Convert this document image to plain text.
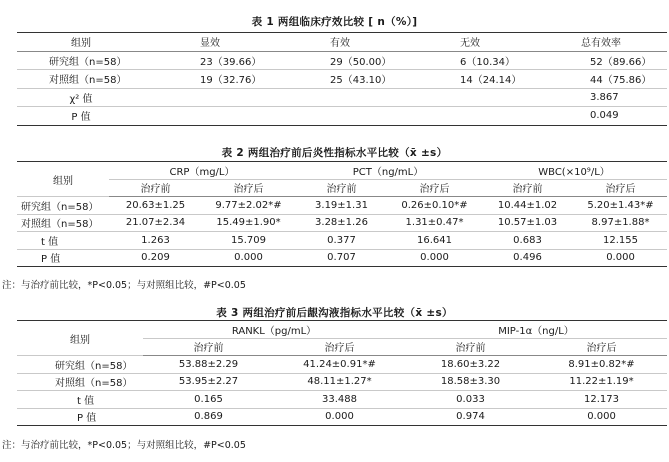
表 1 两组临床疗效比较 [ n（%）]
组别	显效	有效	无效	总有效率
研究组（n=58）	23（39.66）	29（50.00）	6（10.34）	52（89.66）
对照组（n=58）	19（32.76）	25（43.10）	14（24.14）	44（75.86）
χ² 值				3.867
P 值				0.049
表 2 两组治疗前后炎性指标水平比较（x̄ ±s）
组别	CRP（mg/L）		PCT（ng/mL）		WBC(×10⁹/L）	
	治疗前	治疗后	治疗前	治疗后	治疗前	治疗后
研究组（n=58）	20.63±1.25	9.77±2.02*#	3.19±1.31	0.26±0.10*#	10.44±1.02	5.20±1.43*#
对照组（n=58）	21.07±2.34	15.49±1.90*	3.28±1.26	1.31±0.47*	10.57±1.03	8.97±1.88*
t 值	1.263	15.709	0.377	16.641	0.683	12.155
P 值	0.209	0.000	0.707	0.000	0.496	0.000
注：与治疗前比较，*P<0.05；与对照组比较，#P<0.05
表 3 两组治疗前后龈沟液指标水平比较（x̄ ±s）
组别	RANKL（pg/mL）		MIP-1α（ng/L）	
	治疗前	治疗后	治疗前	治疗后
研究组（n=58）	53.88±2.29	41.24±0.91*#	18.60±3.22	8.91±0.82*#
对照组（n=58）	53.95±2.27	48.11±1.27*	18.58±3.30	11.22±1.19*
t 值	0.165	33.488	0.033	12.173
P 值	0.869	0.000	0.974	0.000
注：与治疗前比较，*P<0.05；与对照组比较，#P<0.05
